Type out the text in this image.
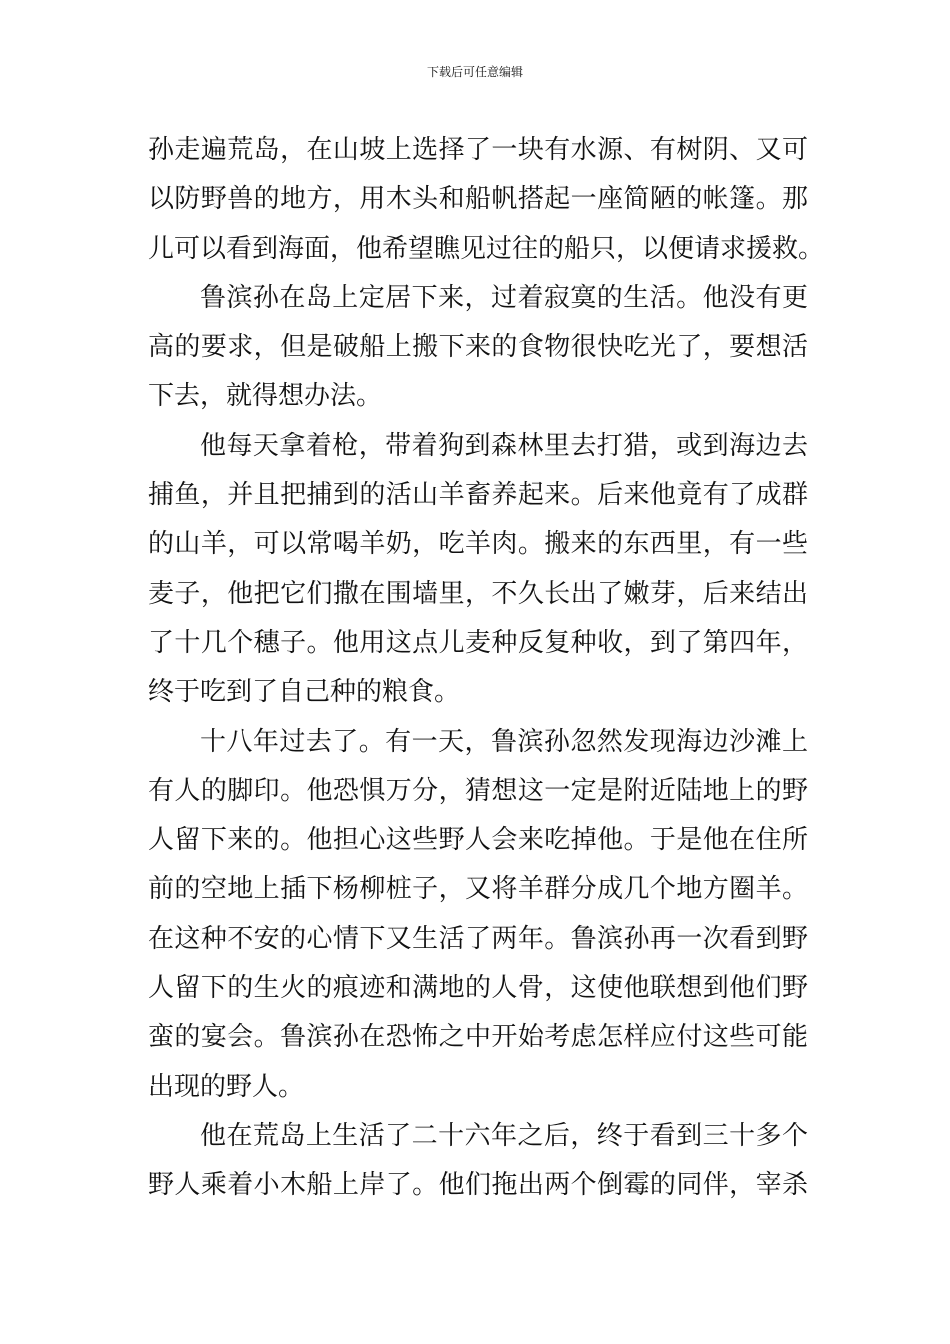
下载后可任意编辑
孙走遍荒岛，在山坡上选择了一块有水源、有树阴、又可
以防野兽的地方，用木头和船帆搭起一座简陋的帐篷。那
儿可以看到海面，他希望瞧见过往的船只，以便请求援救。
鲁滨孙在岛上定居下来，过着寂寞的生活。他没有更
高的要求，但是破船上搬下来的食物很快吃光了，要想活
下去，就得想办法。
他每天拿着枪，带着狗到森林里去打猎，或到海边去
捕鱼，并且把捕到的活山羊畜养起来。后来他竟有了成群
的山羊，可以常喝羊奶，吃羊肉。搬来的东西里，有一些
麦子，他把它们撒在围墙里，不久长出了嫩芽，后来结出
了十几个穗子。他用这点儿麦种反复种收，到了第四年，
终于吃到了自己种的粮食。
十八年过去了。有一天，鲁滨孙忽然发现海边沙滩上
有人的脚印。他恐惧万分，猜想这一定是附近陆地上的野
人留下来的。他担心这些野人会来吃掉他。于是他在住所
前的空地上插下杨柳桩子，又将羊群分成几个地方圈羊。
在这种不安的心情下又生活了两年。鲁滨孙再一次看到野
人留下的生火的痕迹和满地的人骨，这使他联想到他们野
蛮的宴会。鲁滨孙在恐怖之中开始考虑怎样应付这些可能
出现的野人。
他在荒岛上生活了二十六年之后，终于看到三十多个
野人乘着小木船上岸了。他们拖出两个倒霉的同伴，宰杀
